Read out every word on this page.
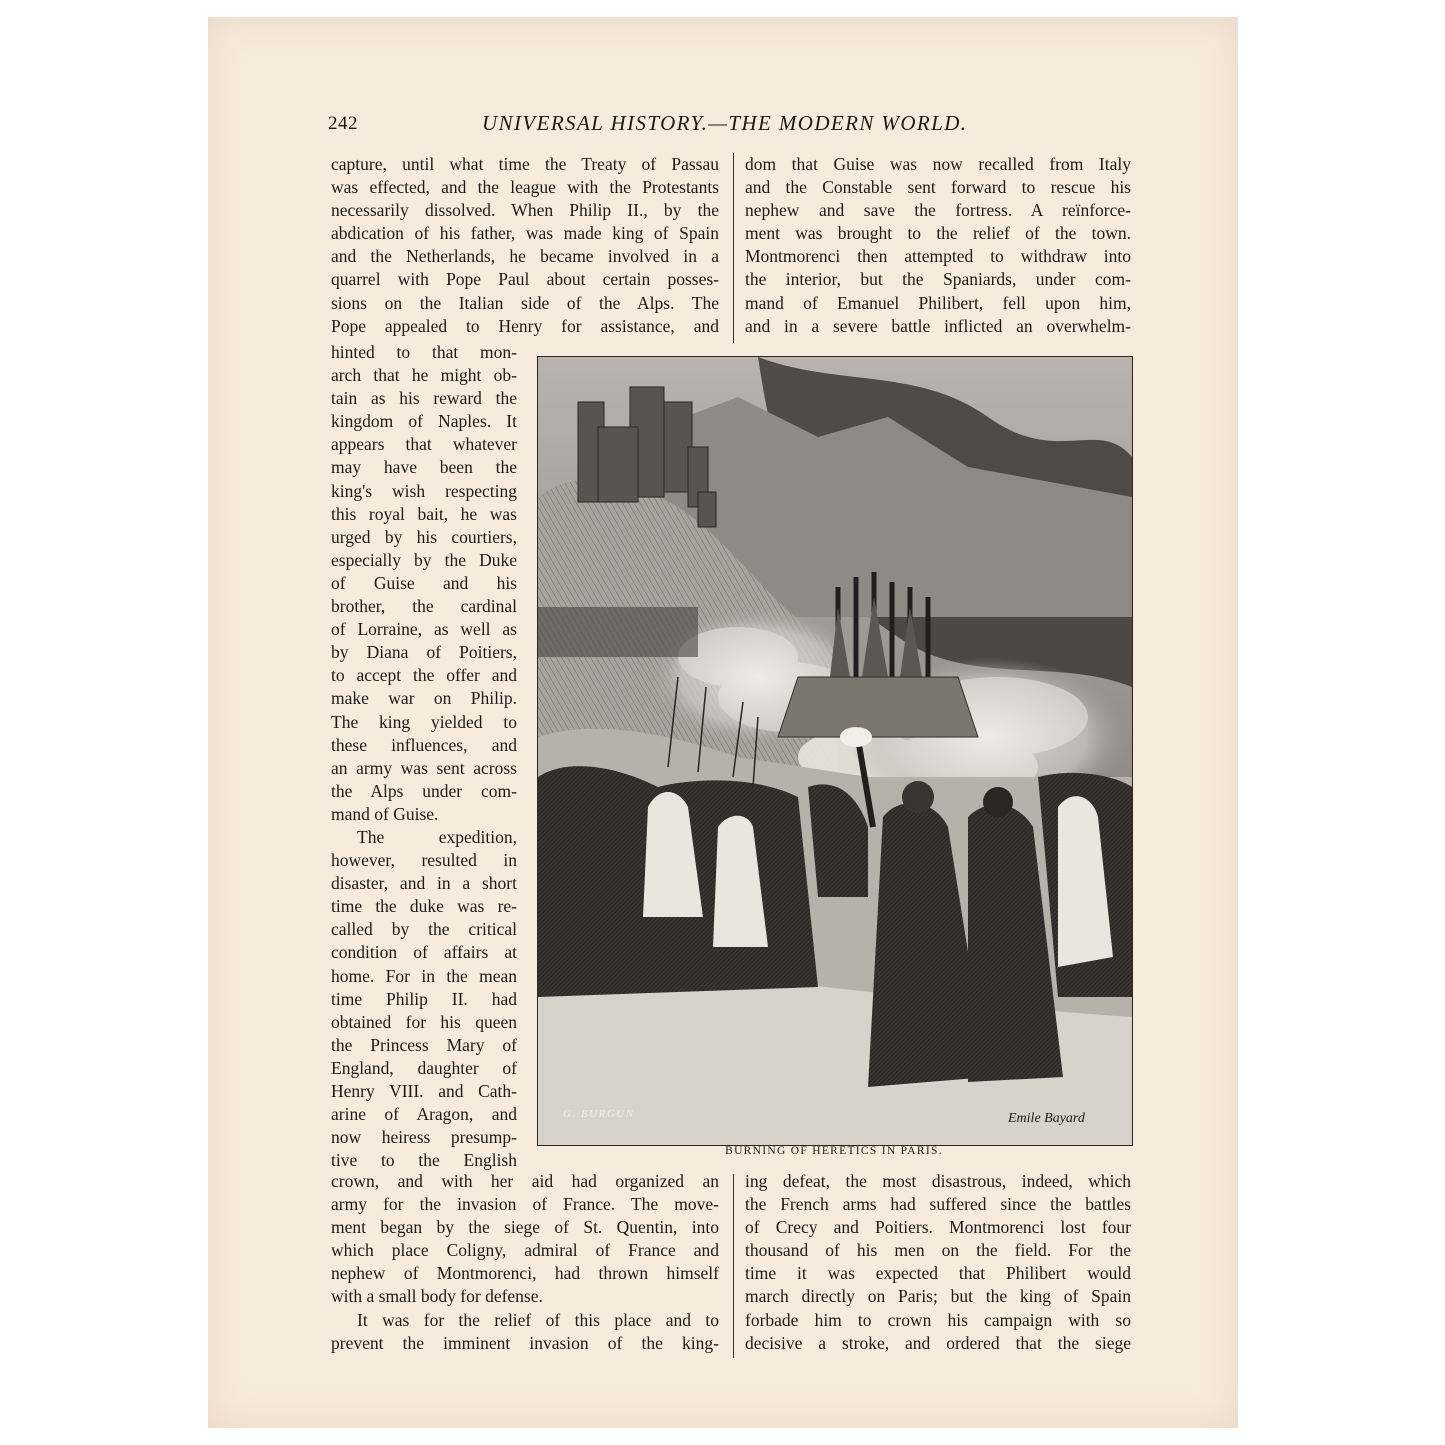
242	UNIVERSAL HISTORY.—THE MODERN WORLD.
capture, until what time the Treaty of Passau
was effected, and the league with the Protestants
necessarily dissolved. When Philip II., by the
abdication of his father, was made king of Spain
and the Netherlands, he became involved in a
quarrel with Pope Paul about certain posses-
sions on the Italian side of the Alps. The
Pope appealed to Henry for assistance, and
dom that Guise was now recalled from Italy
and the Constable sent forward to rescue his
nephew and save the fortress. A reïnforce-
ment was brought to the relief of the town.
Montmorenci then attempted to withdraw into
the interior, but the Spaniards, under com-
mand of Emanuel Philibert, fell upon him,
and in a severe battle inflicted an overwhelm-
hinted to that mon-
arch that he might ob-
tain as his reward the
kingdom of Naples. It
appears that whatever
may have been the
king's wish respecting
this royal bait, he was
urged by his courtiers,
especially by the Duke
of Guise and his
brother, the cardinal
of Lorraine, as well as
by Diana of Poitiers,
to accept the offer and
make war on Philip.
The king yielded to
these influences, and
an army was sent across
the Alps under com-
mand of Guise.
The expedition,
however, resulted in
disaster, and in a short
time the duke was re-
called by the critical
condition of affairs at
home. For in the mean
time Philip II. had
obtained for his queen
the Princess Mary of
England, daughter of
Henry VIII. and Cath-
arine of Aragon, and
now heiress presump-
tive to the English
G. BURGUN	Emile Bayard
BURNING OF HERETICS IN PARIS.
crown, and with her aid had organized an
army for the invasion of France. The move-
ment began by the siege of St. Quentin, into
which place Coligny, admiral of France and
nephew of Montmorenci, had thrown himself
with a small body for defense.
It was for the relief of this place and to
prevent the imminent invasion of the king-
ing defeat, the most disastrous, indeed, which
the French arms had suffered since the battles
of Crecy and Poitiers. Montmorenci lost four
thousand of his men on the field. For the
time it was expected that Philibert would
march directly on Paris; but the king of Spain
forbade him to crown his campaign with so
decisive a stroke, and ordered that the siege
